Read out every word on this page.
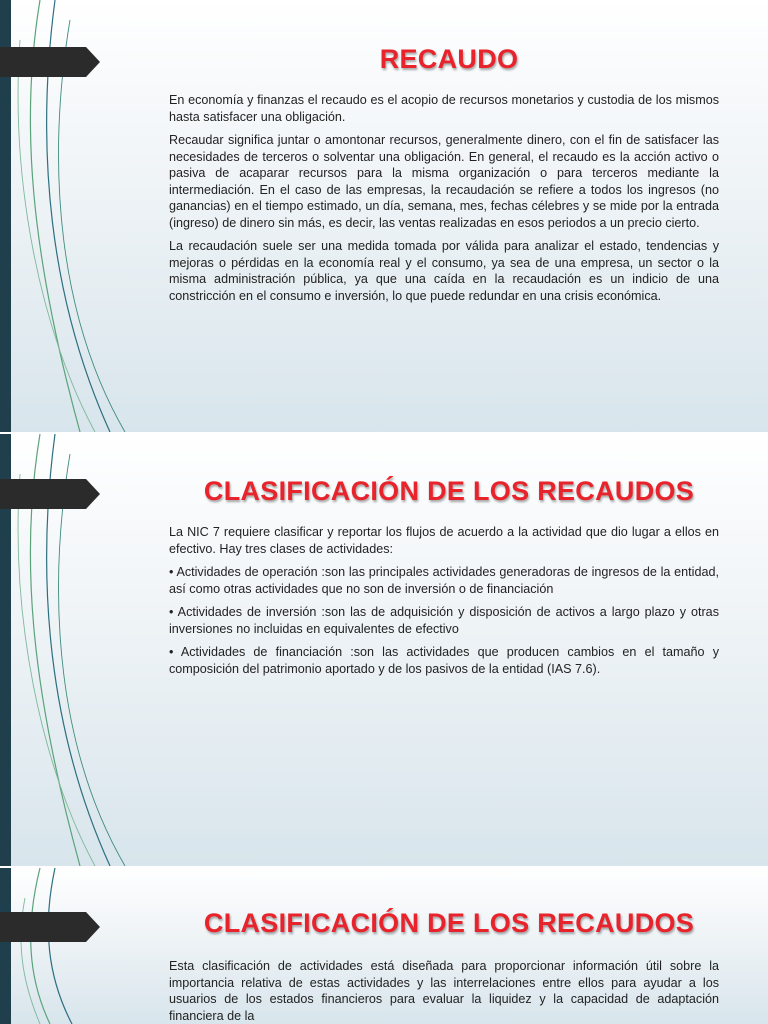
RECAUDO

En economía y finanzas el recaudo es el acopio de recursos monetarios y custodia de los mismos hasta satisfacer una obligación.

Recaudar significa juntar o amontonar recursos, generalmente dinero, con el fin de satisfacer las necesidades de terceros o solventar una obligación. En general, el recaudo es la acción activo o pasiva de acaparar recursos para la misma organización o para terceros mediante la intermediación. En el caso de las empresas, la recaudación se refiere a todos los ingresos (no ganancias) en el tiempo estimado, un día, semana, mes, fechas célebres y se mide por la entrada (ingreso) de dinero sin más, es decir, las ventas realizadas en esos periodos a un precio cierto.

La recaudación suele ser una medida tomada por válida para analizar el estado, tendencias y mejoras o pérdidas en la economía real y el consumo, ya sea de una empresa, un sector o la misma administración pública, ya que una caída en la recaudación es un indicio de una constricción en el consumo e inversión, lo que puede redundar en una crisis económica.

CLASIFICACIÓN DE LOS RECAUDOS

La NIC 7 requiere clasificar y reportar los flujos de acuerdo a la actividad que dio lugar a ellos en efectivo. Hay tres clases de actividades:

• Actividades de operación :son las principales actividades generadoras de ingresos de la entidad, así como otras actividades que no son de inversión o de financiación

• Actividades de inversión :son las de adquisición y disposición de activos a largo plazo y otras inversiones no incluidas en equivalentes de efectivo

• Actividades de financiación :son las actividades que producen cambios en el tamaño y composición del patrimonio aportado y de los pasivos de la entidad (IAS 7.6).

CLASIFICACIÓN DE LOS RECAUDOS

Esta clasificación de actividades está diseñada para proporcionar información útil sobre la importancia relativa de estas actividades y las interrelaciones entre ellos para ayudar a los usuarios de los estados financieros para evaluar la liquidez y la capacidad de adaptación financiera de la
